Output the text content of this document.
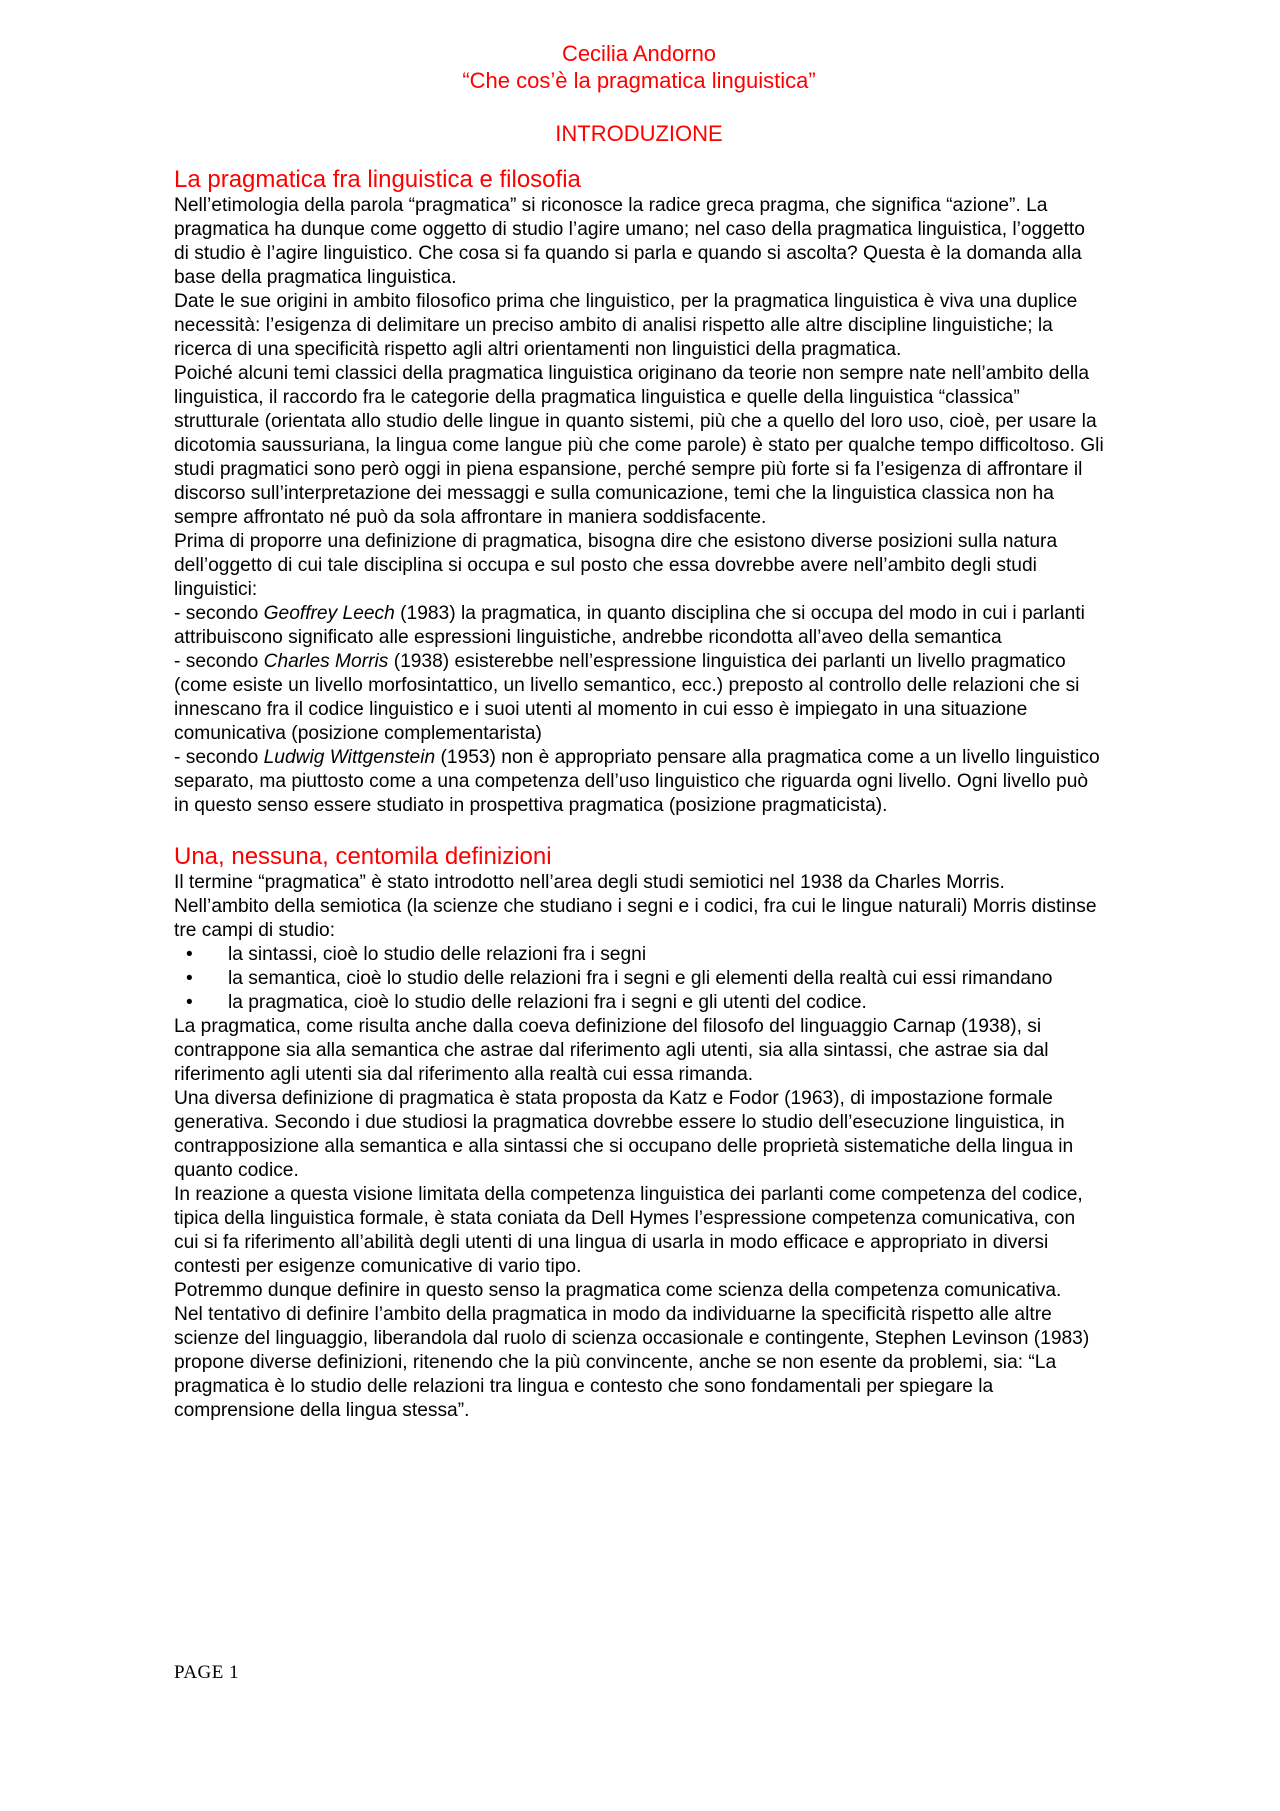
Cecilia Andorno

“Che cos’è la pragmatica linguistica”

INTRODUZIONE

La pragmatica fra linguistica e filosofia

Nell’etimologia della parola “pragmatica” si riconosce la radice greca pragma, che significa “azione”. La pragmatica ha dunque come oggetto di studio l’agire umano; nel caso della pragmatica linguistica, l’oggetto di studio è l’agire linguistico. Che cosa si fa quando si parla e quando si ascolta? Questa è la domanda alla base della pragmatica linguistica.

Date le sue origini in ambito filosofico prima che linguistico, per la pragmatica linguistica è viva una duplice necessità: l’esigenza di delimitare un preciso ambito di analisi rispetto alle altre discipline linguistiche; la ricerca di una specificità rispetto agli altri orientamenti non linguistici della pragmatica.

Poiché alcuni temi classici della pragmatica linguistica originano da teorie non sempre nate nell’ambito della linguistica, il raccordo fra le categorie della pragmatica linguistica e quelle della linguistica “classica” strutturale (orientata allo studio delle lingue in quanto sistemi, più che a quello del loro uso, cioè, per usare la dicotomia saussuriana, la lingua come langue più che come parole) è stato per qualche tempo difficoltoso. Gli studi pragmatici sono però oggi in piena espansione, perché sempre più forte si fa l’esigenza di affrontare il discorso sull’interpretazione dei messaggi e sulla comunicazione, temi che la linguistica classica non ha sempre affrontato né può da sola affrontare in maniera soddisfacente.

Prima di proporre una definizione di pragmatica, bisogna dire che esistono diverse posizioni sulla natura dell’oggetto di cui tale disciplina si occupa e sul posto che essa dovrebbe avere nell’ambito degli studi linguistici:

- secondo Geoffrey Leech (1983) la pragmatica, in quanto disciplina che si occupa del modo in cui i parlanti attribuiscono significato alle espressioni linguistiche, andrebbe ricondotta all’aveo della semantica

- secondo Charles Morris (1938) esisterebbe nell’espressione linguistica dei parlanti un livello pragmatico (come esiste un livello morfosintattico, un livello semantico, ecc.) preposto al controllo delle relazioni che si innescano fra il codice linguistico e i suoi utenti al momento in cui esso è impiegato in una situazione comunicativa (posizione complementarista)

- secondo Ludwig Wittgenstein (1953) non è appropriato pensare alla pragmatica come a un livello linguistico separato, ma piuttosto come a una competenza dell’uso linguistico che riguarda ogni livello. Ogni livello può in questo senso essere studiato in prospettiva pragmatica (posizione pragmaticista).

Una, nessuna, centomila definizioni

Il termine “pragmatica” è stato introdotto nell’area degli studi semiotici nel 1938 da Charles Morris. Nell’ambito della semiotica (la scienze che studiano i segni e i codici, fra cui le lingue naturali) Morris distinse tre campi di studio:

• la sintassi, cioè lo studio delle relazioni fra i segni
• la semantica, cioè lo studio delle relazioni fra i segni e gli elementi della realtà cui essi rimandano
• la pragmatica, cioè lo studio delle relazioni fra i segni e gli utenti del codice.

La pragmatica, come risulta anche dalla coeva definizione del filosofo del linguaggio Carnap (1938), si contrappone sia alla semantica che astrae dal riferimento agli utenti, sia alla sintassi, che astrae sia dal riferimento agli utenti sia dal riferimento alla realtà cui essa rimanda.

Una diversa definizione di pragmatica è stata proposta da Katz e Fodor (1963), di impostazione formale generativa. Secondo i due studiosi la pragmatica dovrebbe essere lo studio dell’esecuzione linguistica, in contrapposizione alla semantica e alla sintassi che si occupano delle proprietà sistematiche della lingua in quanto codice.

In reazione a questa visione limitata della competenza linguistica dei parlanti come competenza del codice, tipica della linguistica formale, è stata coniata da Dell Hymes l’espressione competenza comunicativa, con cui si fa riferimento all’abilità degli utenti di una lingua di usarla in modo efficace e appropriato in diversi contesti per esigenze comunicative di vario tipo.

Potremmo dunque definire in questo senso la pragmatica come scienza della competenza comunicativa.

Nel tentativo di definire l’ambito della pragmatica in modo da individuarne la specificità rispetto alle altre scienze del linguaggio, liberandola dal ruolo di scienza occasionale e contingente, Stephen Levinson (1983) propone diverse definizioni, ritenendo che la più convincente, anche se non esente da problemi, sia: “La pragmatica è lo studio delle relazioni tra lingua e contesto che sono fondamentali per spiegare la comprensione della lingua stessa”.

PAGE 1
